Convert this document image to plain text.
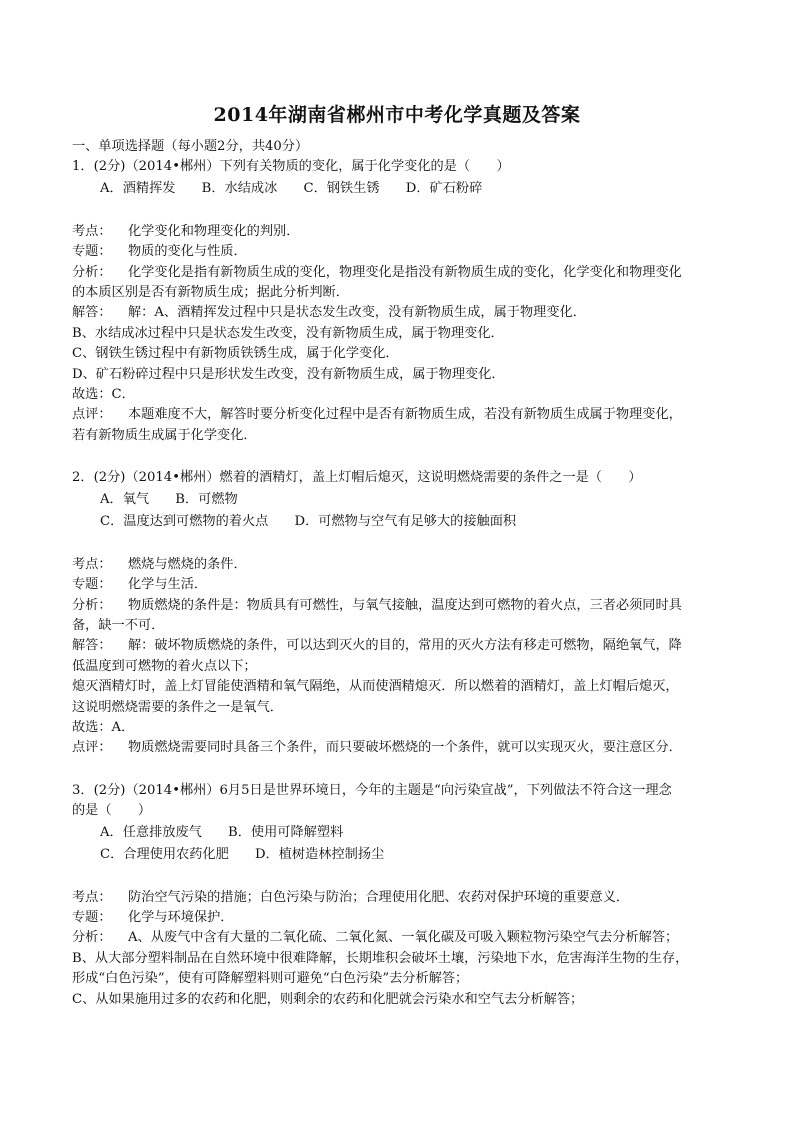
2014年湖南省郴州市中考化学真题及答案
一、单项选择题（每小题2分，共40分）
1．(2分)（2014•郴州）下列有关物质的变化，属于化学变化的是（　　）
A．酒精挥发 B．水结成冰 C．钢铁生锈 D．矿石粉碎
考点： 化学变化和物理变化的判别．
专题： 物质的变化与性质．
分析： 化学变化是指有新物质生成的变化，物理变化是指没有新物质生成的变化，化学变化和物理变化
的本质区别是否有新物质生成；据此分析判断．
解答： 解：A、酒精挥发过程中只是状态发生改变，没有新物质生成，属于物理变化．
B、水结成冰过程中只是状态发生改变，没有新物质生成，属于物理变化．
C、钢铁生锈过程中有新物质铁锈生成，属于化学变化．
D、矿石粉碎过程中只是形状发生改变，没有新物质生成，属于物理变化．
故选：C．
点评： 本题难度不大，解答时要分析变化过程中是否有新物质生成，若没有新物质生成属于物理变化，
若有新物质生成属于化学变化．
2．(2分)（2014•郴州）燃着的酒精灯，盖上灯帽后熄灭，这说明燃烧需要的条件之一是（　　）
A．氧气 B．可燃物
C．温度达到可燃物的着火点 D．可燃物与空气有足够大的接触面积
考点： 燃烧与燃烧的条件．
专题： 化学与生活．
分析： 物质燃烧的条件是：物质具有可燃性，与氧气接触，温度达到可燃物的着火点，三者必须同时具
备，缺一不可．
解答： 解：破坏物质燃烧的条件，可以达到灭火的目的，常用的灭火方法有移走可燃物，隔绝氧气，降
低温度到可燃物的着火点以下；
熄灭酒精灯时，盖上灯冒能使酒精和氧气隔绝，从而使酒精熄灭．所以燃着的酒精灯，盖上灯帽后熄灭，
这说明燃烧需要的条件之一是氧气．
故选：A．
点评： 物质燃烧需要同时具备三个条件，而只要破坏燃烧的一个条件，就可以实现灭火，要注意区分．
3．(2分)（2014•郴州）6月5日是世界环境日，今年的主题是“向污染宣战”，下列做法不符合这一理念
的是（　　）
A．任意排放废气 B．使用可降解塑料
C．合理使用农药化肥 D．植树造林控制扬尘
考点： 防治空气污染的措施；白色污染与防治；合理使用化肥、农药对保护环境的重要意义．
专题： 化学与环境保护．
分析： A、从废气中含有大量的二氧化硫、二氧化氮、一氧化碳及可吸入颗粒物污染空气去分析解答；
B、从大部分塑料制品在自然环境中很难降解，长期堆积会破坏土壤，污染地下水，危害海洋生物的生存，
形成“白色污染”，使有可降解塑料则可避免“白色污染”去分析解答；
C、从如果施用过多的农药和化肥，则剩余的农药和化肥就会污染水和空气去分析解答；
